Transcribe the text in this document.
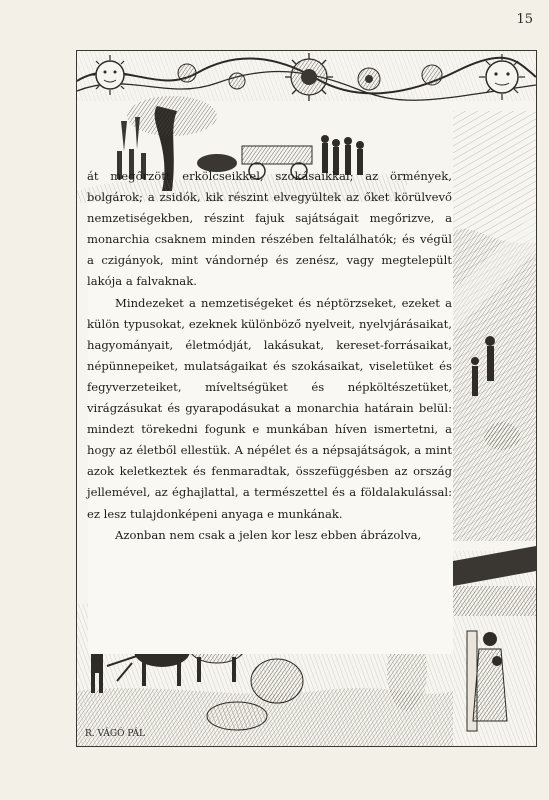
15
R. VÁGÓ PÁL

át megőrzött erkölcseikkel, szokásaikkal; az örmények, bolgárok; a zsidók, kik részint elvegyültek az őket körülvevő nemzetiségekben, részint fajuk sajátságait megőrizve, a monarchia csaknem minden részében feltalálhatók; és végül a czigányok, mint vándornép és zenész, vagy megtelepült lakója a falvaknak.

Mindezeket a nemzetiségeket és néptörzseket, ezeket a külön typusokat, ezeknek különböző nyelveit, nyelvjárásaikat, hagyományait, életmódját, lakásukat, kereset-forrásaikat, népünnepeiket, mulatságaikat és szokásaikat, viseletüket és fegyverzeteiket, míveltségüket és népköltészetüket, virágzásukat és gyarapodásukat a monarchia határain belül: mindezt törekedni fogunk e munkában híven ismertetni, a hogy az életből ellestük. A népélet és a népsajátságok, a mint azok keletkeztek és fenmaradtak, összefüggésben az ország jellemével, az éghajlattal, a természettel és a földalakulással: ez lesz tulajdonképeni anyaga e munkának.

Azonban nem csak a jelen kor lesz ebben ábrázolva,
